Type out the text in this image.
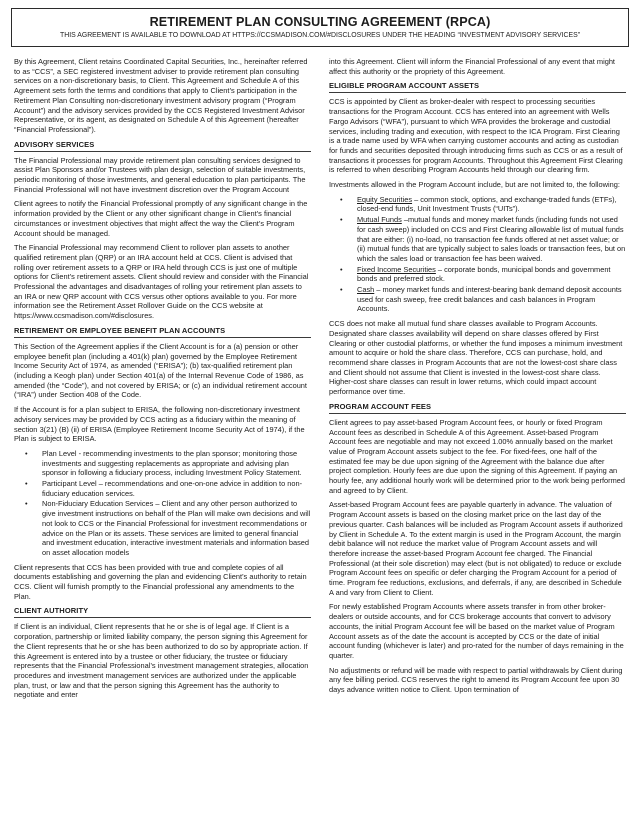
RETIREMENT PLAN CONSULTING AGREEMENT (RPCA)
THIS AGREEMENT IS AVAILABLE TO DOWNLOAD AT HTTPS://CCSMADISON.COM/#DISCLOSURES UNDER THE HEADING “INVESTMENT ADVISORY SERVICES”

By this Agreement, Client retains Coordinated Capital Securities, Inc., hereinafter referred to as “CCS”, a SEC registered investment adviser to provide retirement plan consulting services on a non-discretionary basis, to Client. This Agreement and Schedule A of this Agreement sets forth the terms and conditions that apply to Client’s participation in the Retirement Plan Consulting non-discretionary investment advisory program (“Program Account”) and the advisory services provided by the CCS Registered Investment Advisor Representative, or its agent, as designated on Schedule A of this Agreement (hereafter “Financial Professional”).

ADVISORY SERVICES

The Financial Professional may provide retirement plan consulting services designed to assist Plan Sponsors and/or Trustees with plan design, selection of suitable investments, periodic monitoring of those investments, and general education to plan participants. The Financial Professional will not have investment discretion over the Program Account

Client agrees to notify the Financial Professional promptly of any significant change in the information provided by the Client or any other significant change in Client’s financial circumstances or investment objectives that might affect the way the Client’s Program Account should be managed.

The Financial Professional may recommend Client to rollover plan assets to another qualified retirement plan (QRP) or an IRA account held at CCS. Client is advised that rolling over retirement assets to a QRP or IRA held through CCS is just one of multiple options for Client’s retirement assets. Client should review and consider with the Financial Professional the advantages and disadvantages of rolling your retirement plan assets to an IRA or new QRP account with CCS versus other options available to you. For more information see the Retirement Asset Rollover Guide on the CCS website at https://www.ccsmadison.com/#disclosures.

RETIREMENT OR EMPLOYEE BENEFIT PLAN ACCOUNTS

This Section of the Agreement applies if the Client Account is for a (a) pension or other employee benefit plan (including a 401(k) plan) governed by the Employee Retirement Income Security Act of 1974, as amended (“ERISA”); (b) tax-qualified retirement plan (including a Keogh plan) under Section 401(a) of the Internal Revenue Code of 1986, as amended (the “Code”), and not covered by ERISA; or (c) an individual retirement account (“IRA”) under Section 408 of the Code.

If the Account is for a plan subject to ERISA, the following non-discretionary investment advisory services may be provided by CCS acting as a fiduciary within the meaning of section 3(21) (B) (ii) of ERISA (Employee Retirement Income Security Act of 1974), if the Plan is subject to ERISA.

• Plan Level - recommending investments to the plan sponsor; monitoring those investments and suggesting replacements as appropriate and advising plan sponsor in following a fiduciary process, including Investment Policy Statement.
• Participant Level – recommendations and one-on-one advice in addition to non-fiduciary education services.
• Non-Fiduciary Education Services – Client and any other person authorized to give investment instructions on behalf of the Plan will make own decisions and will not look to CCS or the Financial Professional for investment recommendations or advice on the Plan or its assets. These services are limited to general financial and investment education, interactive investment materials and information based on asset allocation models

Client represents that CCS has been provided with true and complete copies of all documents establishing and governing the plan and evidencing Client’s authority to retain CCS. Client will furnish promptly to the Financial professional any amendments to the Plan.

CLIENT AUTHORITY

If Client is an individual, Client represents that he or she is of legal age. If Client is a corporation, partnership or limited liability company, the person signing this Agreement for the Client represents that he or she has been authorized to do so by appropriate action. If this Agreement is entered into by a trustee or other fiduciary, the trustee or fiduciary represents that the Financial Professional’s investment management strategies, allocation procedures and investment management services are authorized under the applicable plan, trust, or law and that the person signing this Agreement has the authority to negotiate and enter

into this Agreement. Client will inform the Financial Professional of any event that might affect this authority or the propriety of this Agreement.

ELIGIBLE PROGRAM ACCOUNT ASSETS

CCS is appointed by Client as broker-dealer with respect to processing securities transactions for the Program Account. CCS has entered into an agreement with Wells Fargo Advisors (“WFA”), pursuant to which WFA provides the brokerage and custodial services, including trading and execution, with respect to the ICA Program. First Clearing is a trade name used by WFA when carrying customer accounts and acting as custodian for funds and securities deposited through introducing firms such as CCS or as a result of transactions it processes for program Accounts. Throughout this Agreement First Clearing is referred to when describing Program Accounts held through our clearing firm.

Investments allowed in the Program Account include, but are not limited to, the following:

• Equity Securities – common stock, options, and exchange-traded funds (ETFs), closed-end funds, Unit Investment Trusts (“UITs”).
• Mutual Funds –mutual funds and money market funds (including funds not used for cash sweep) included on CCS and First Clearing allowable list of mutual funds that are either: (i) no-load, no transaction fee funds offered at net asset value; or (ii) mutual funds that are typically subject to sales loads or transaction fees, but on which the sales load or transaction fee has been waived.
• Fixed Income Securities – corporate bonds, municipal bonds and government bonds and preferred stock.
• Cash – money market funds and interest-bearing bank demand deposit accounts used for cash sweep, free credit balances and cash balances in Program Accounts.

CCS does not make all mutual fund share classes available to Program Accounts. Designated share classes availability will depend on share classes offered by First Clearing or other custodial platforms, or whether the fund imposes a minimum investment amount to acquire or hold the share class. Therefore, CCS can purchase, hold, and recommend share classes in Program Accounts that are not the lowest-cost share class and Client should not assume that Client is invested in the lowest-cost share class. Higher-cost share classes can result in lower returns, which could impact account performance over time.

PROGRAM ACCOUNT FEES

Client agrees to pay asset-based Program Account fees, or hourly or fixed Program Account fees as described in Schedule A of this Agreement. Asset-based Program Account fees are negotiable and may not exceed 1.00% annually based on the market value of Program Account assets subject to the fee. For fixed-fees, one half of the estimated fee may be due upon signing of the Agreement with the balance due after project completion. Hourly fees are due upon the signing of this Agreement. If paying an hourly fee, any additional hourly work will be determined prior to the work being performed and agreed to by Client.

Asset-based Program Account fees are payable quarterly in advance. The valuation of Program Account assets is based on the closing market price on the last day of the previous quarter. Cash balances will be included as Program Account assets if authorized by Client in Schedule A. To the extent margin is used in the Program Account, the margin debit balance will not reduce the market value of Program Account assets and will therefore increase the asset-based Program Account fee charged. The Financial Professional (at their sole discretion) may elect (but is not obligated) to reduce or exclude Program Account fees on specific or defer charging the Program Account for a period of time. Program fee reductions, exclusions, and deferrals, if any, are described in Schedule A and vary from Client to Client.

For newly established Program Accounts where assets transfer in from other broker-dealers or outside accounts, and for CCS brokerage accounts that convert to advisory accounts, the initial Program Account fee will be based on the market value of Program Account assets as of the date the account is accepted by CCS or the date of initial account funding (whichever is later) and pro-rated for the number of days remaining in the quarter.

No adjustments or refund will be made with respect to partial withdrawals by Client during any fee billing period. CCS reserves the right to amend its Program Account fee upon 30 days advance written notice to Client. Upon termination of
